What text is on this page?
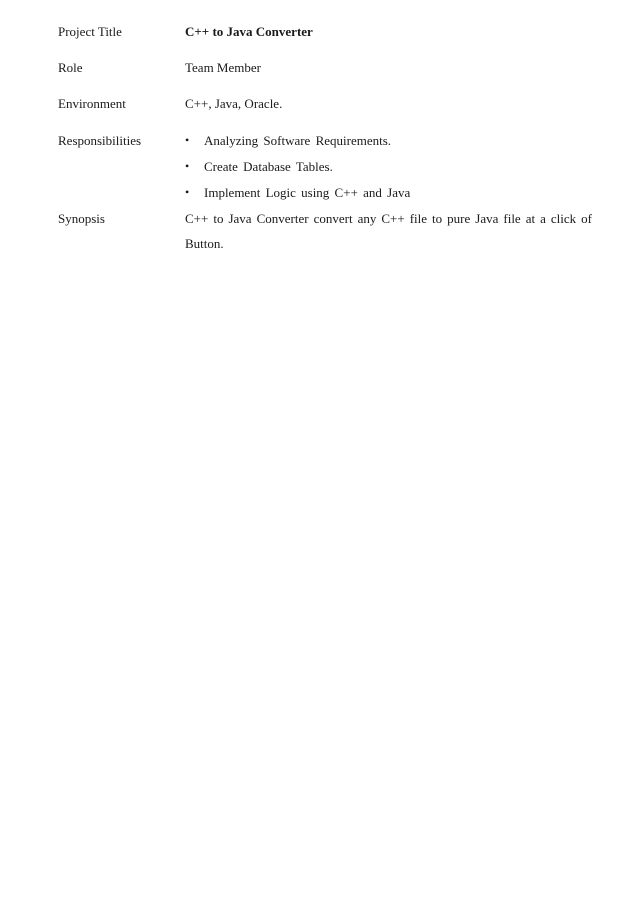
Project Title	C++ to Java Converter
Role	Team Member
Environment	C++, Java, Oracle.
Responsibilities	• Analyzing Software Requirements.
• Create Database Tables.
• Implement Logic using C++ and Java
Synopsis	C++ to Java Converter convert any C++ file to pure Java file at a click of Button.
